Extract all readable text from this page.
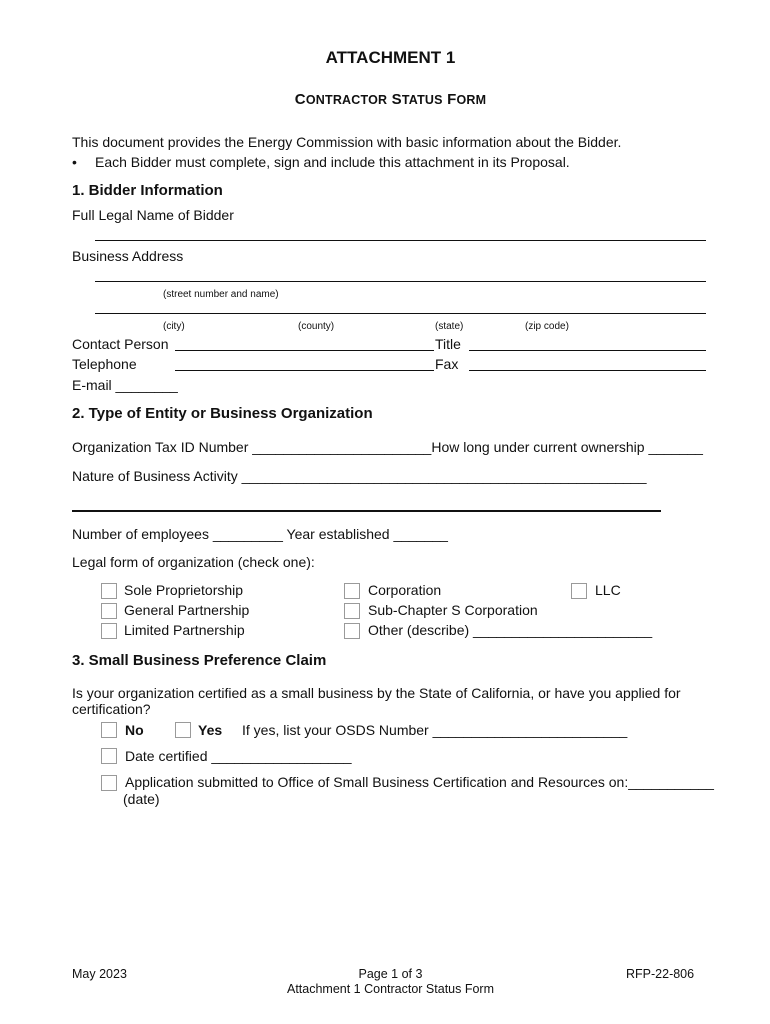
ATTACHMENT 1
CONTRACTOR STATUS FORM
This document provides the Energy Commission with basic information about the Bidder.
• Each Bidder must complete, sign and include this attachment in its Proposal.
1. Bidder Information
Full Legal Name of Bidder
Business Address
(street number and name)
(city)	(county)	(state)	(zip code)
Contact Person	Title
Telephone	Fax
E-mail ________
2. Type of Entity or Business Organization
Organization Tax ID Number _______________________How long under current ownership _______
Nature of Business Activity ____________________________________________________
Number of employees _________ Year established _______
Legal form of organization (check one):
Sole Proprietorship
General Partnership
Limited Partnership
Corporation
Sub-Chapter S Corporation
Other (describe) _______________________
LLC
3. Small Business Preference Claim
Is your organization certified as a small business by the State of California, or have you applied for
certification?
No	Yes If yes, list your OSDS Number _________________________
Date certified __________________
Application submitted to Office of Small Business Certification and Resources on:___________
(date)
May 2023	Page 1 of 3
Attachment 1 Contractor Status Form
RFP-22-806
